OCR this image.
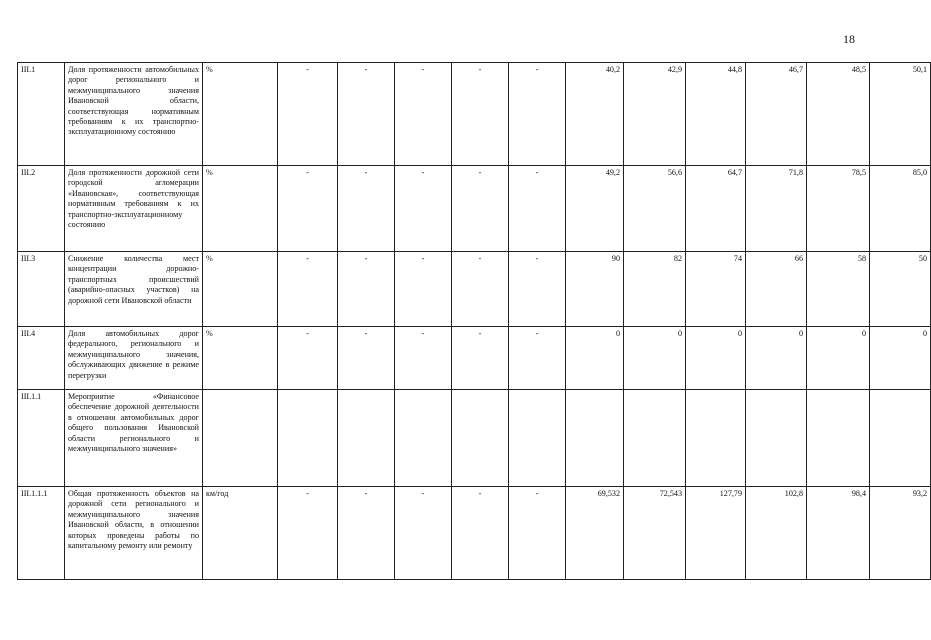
18
III.1	Доля протяженности автомобильных дорог регионального и межмуниципального значения Ивановской области, соответствующая нормативным требованиям к их транспортно-эксплуатационному состоянию	%	-	-	-	-	-	40,2	42,9	44,8	46,7	48,5	50,1
III.2	Доля протяженности дорожной сети городской агломерации «Ивановская», соответствующая нормативным требованиям к их транспортно-эксплуатационному состоянию	%	-	-	-	-	-	49,2	56,6	64,7	71,8	78,5	85,0
III.3	Снижение количества мест концентрации дорожно-транспортных происшествий (аварийно-опасных участков) на дорожной сети Ивановской области	%	-	-	-	-	-	90	82	74	66	58	50
III.4	Доля автомобильных дорог федерального, регионального и межмуниципального значения, обслуживающих движение в режиме перегрузки	%	-	-	-	-	-	0	0	0	0	0	0
III.1.1	Мероприятие «Финансовое обеспечение дорожной деятельности в отношении автомобильных дорог общего пользования Ивановской области регионального и межмуниципального значения»												
III.1.1.1	Общая протяженность объектов на дорожной сети регионального и межмуниципального значения Ивановской области, в отношении которых проведены работы по капитальному ремонту или ремонту	км/год	-	-	-	-	-	69,532	72,543	127,79	102,8	98,4	93,2
